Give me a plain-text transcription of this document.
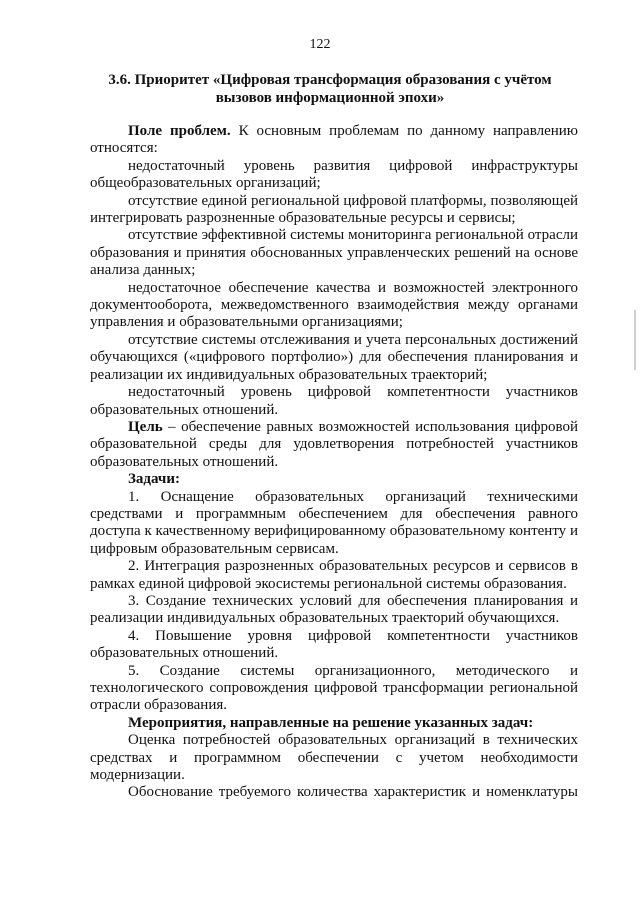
122
3.6. Приоритет «Цифровая трансформация образования с учётом
вызовов информационной эпохи»

Поле проблем. К основным проблемам по данному направлению относятся:

недостаточный уровень развития цифровой инфраструктуры общеобразовательных организаций;

отсутствие единой региональной цифровой платформы, позволяющей интегрировать разрозненные образовательные ресурсы и сервисы;

отсутствие эффективной системы мониторинга региональной отрасли образования и принятия обоснованных управленческих решений на основе анализа данных;

недостаточное обеспечение качества и возможностей электронного документооборота, межведомственного взаимодействия между органами управления и образовательными организациями;

отсутствие системы отслеживания и учета персональных достижений обучающихся («цифрового портфолио») для обеспечения планирования и реализации их индивидуальных образовательных траекторий;

недостаточный уровень цифровой компетентности участников образовательных отношений.

Цель – обеспечение равных возможностей использования цифровой образовательной среды для удовлетворения потребностей участников образовательных отношений.

Задачи:

1. Оснащение образовательных организаций техническими средствами и программным обеспечением для обеспечения равного доступа к качественному верифицированному образовательному контенту и цифровым образовательным сервисам.

2. Интеграция разрозненных образовательных ресурсов и сервисов в рамках единой цифровой экосистемы региональной системы образования.

3. Создание технических условий для обеспечения планирования и реализации индивидуальных образовательных траекторий обучающихся.

4. Повышение уровня цифровой компетентности участников образовательных отношений.

5. Создание системы организационного, методического и технологического сопровождения цифровой трансформации региональной отрасли образования.

Мероприятия, направленные на решение указанных задач:

Оценка потребностей образовательных организаций в технических средствах и программном обеспечении с учетом необходимости модернизации.

Обоснование требуемого количества характеристик и номенклатуры
